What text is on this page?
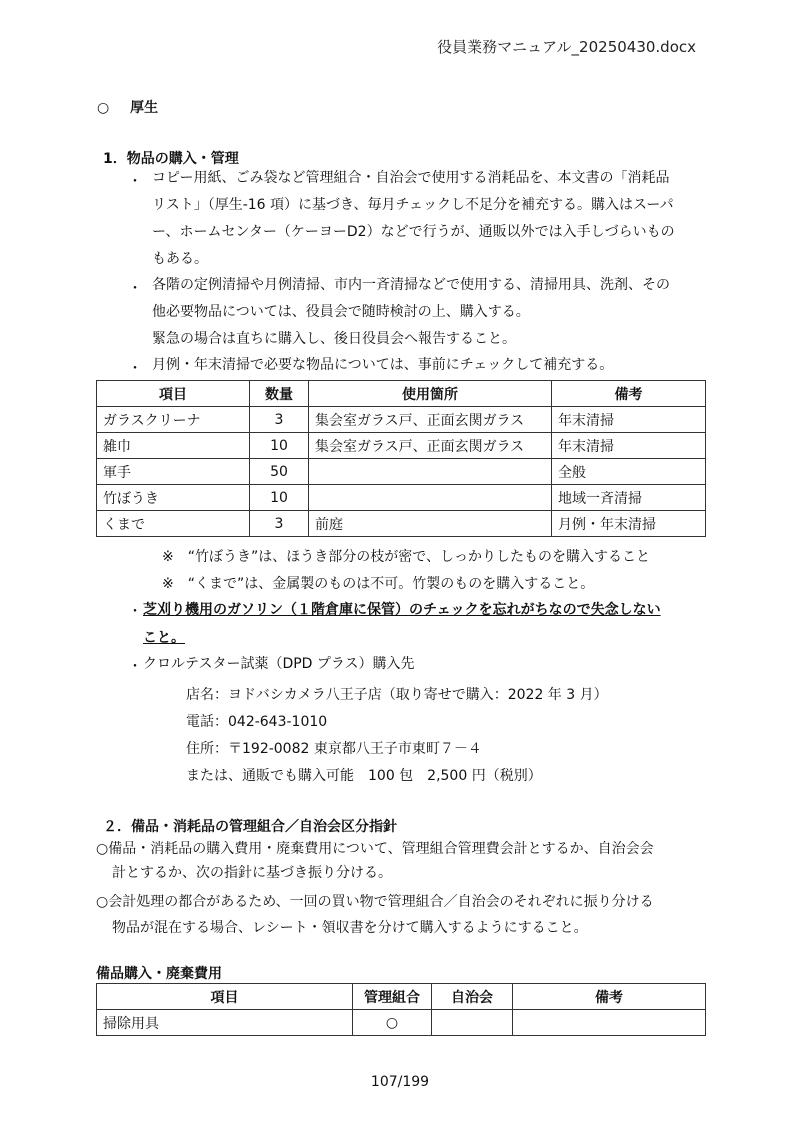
役員業務マニュアル_20250430.docx
○ 厚生
1．物品の購入・管理
・ コピー用紙、ごみ袋など管理組合・自治会で使用する消耗品を、本文書の「消耗品
リスト」（厚生-16 項）に基づき、毎月チェックし不足分を補充する。購入はスーパ
ー、ホームセンター（ケーヨーD2）などで行うが、通販以外では入手しづらいもの
もある。
・ 各階の定例清掃や月例清掃、市内一斉清掃などで使用する、清掃用具、洗剤、その
他必要物品については、役員会で随時検討の上、購入する。
緊急の場合は直ちに購入し、後日役員会へ報告すること。
・ 月例・年末清掃で必要な物品については、事前にチェックして補充する。
項目	数量	使用箇所	備考
ガラスクリーナ	3	集会室ガラス戸、正面玄関ガラス	年末清掃
雑巾	10	集会室ガラス戸、正面玄関ガラス	年末清掃
軍手	50		全般
竹ぼうき	10		地域一斉清掃
くまで	3	前庭	月例・年末清掃
※　“竹ぼうき”は、ほうき部分の枝が密で、しっかりしたものを購入すること
※　“くまで”は、金属製のものは不可。竹製のものを購入すること。
・ 芝刈り機用のガソリン（１階倉庫に保管）のチェックを忘れがちなので失念しない
こと。
・ クロルテスター試薬（DPD プラス）購入先
店名：ヨドバシカメラ八王子店（取り寄せで購入：2022 年 3 月）
電話：042-643-1010
住所：〒192-0082 東京都八王子市東町７－４
または、通販でも購入可能　100 包　2,500 円（税別）
２．備品・消耗品の管理組合／自治会区分指針
○備品・消耗品の購入費用・廃棄費用について、管理組合管理費会計とするか、自治会会
計とするか、次の指針に基づき振り分ける。
○会計処理の都合があるため、一回の買い物で管理組合／自治会のそれぞれに振り分ける
物品が混在する場合、レシート・領収書を分けて購入するようにすること。
備品購入・廃棄費用
項目	管理組合	自治会	備考
掃除用具	○		
107/199
